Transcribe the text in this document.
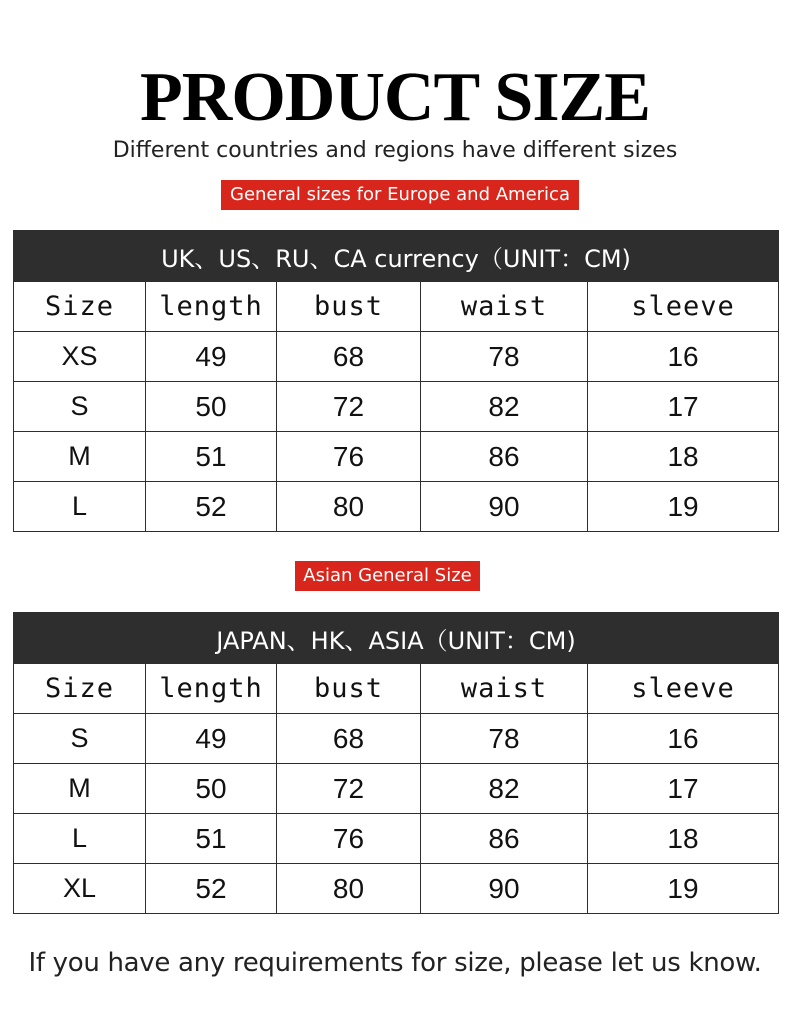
PRODUCT SIZE
Different countries and regions have different sizes
General sizes for Europe and America
UK、US、RU、CA currency（UNIT：CM)				
Size	length	bust	waist	sleeve
XS	49	68	78	16
S	50	72	82	17
M	51	76	86	18
L	52	80	90	19
Asian General Size
JAPAN、HK、ASIA（UNIT：CM)				
Size	length	bust	waist	sleeve
S	49	68	78	16
M	50	72	82	17
L	51	76	86	18
XL	52	80	90	19
If you have any requirements for size, please let us know.
